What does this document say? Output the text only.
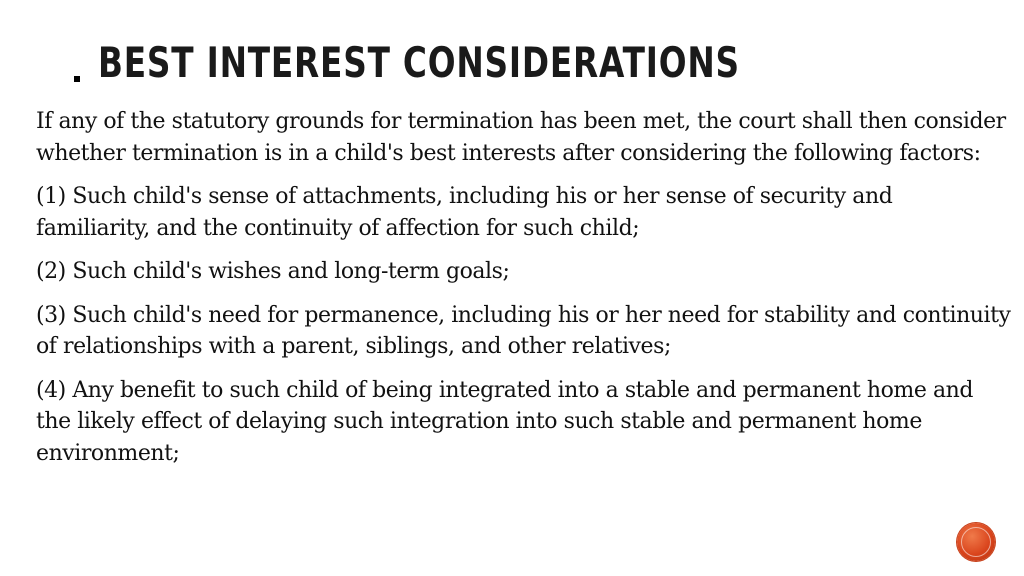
BEST INTEREST CONSIDERATIONS

If any of the statutory grounds for termination has been met, the court shall then consider whether termination is in a child's best interests after considering the following factors:

(1) Such child's sense of attachments, including his or her sense of security and familiarity, and the continuity of affection for such child;

(2) Such child's wishes and long-term goals;

(3) Such child's need for permanence, including his or her need for stability and continuity of relationships with a parent, siblings, and other relatives;

(4) Any benefit to such child of being integrated into a stable and permanent home and the likely effect of delaying such integration into such stable and permanent home environment;
